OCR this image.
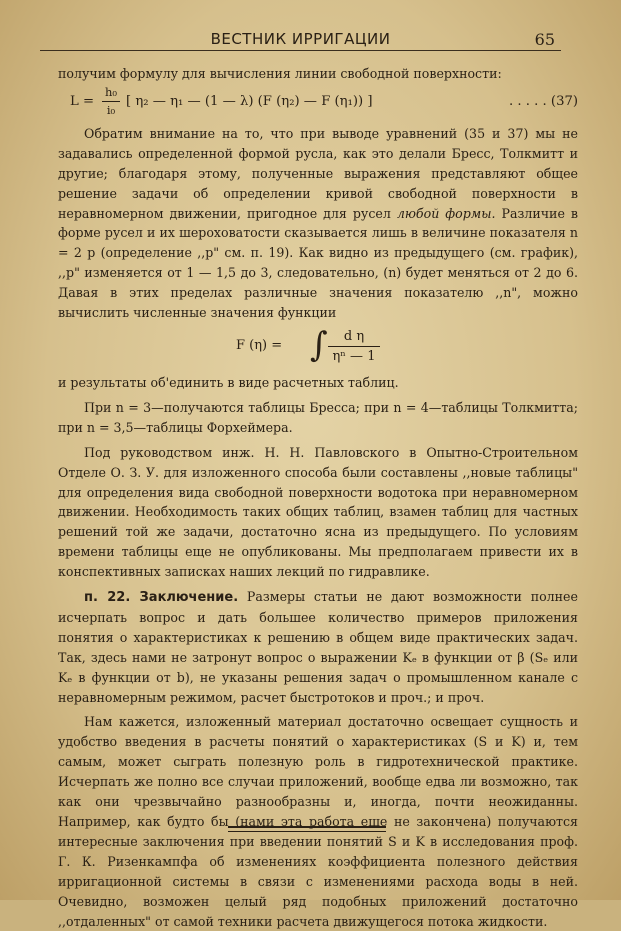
ВЕСТНИК ИРРИГАЦИИ	65

получим формулу для вычисления линии свободной поверхности:

$L = \frac{\text{h₀}}{\text{i₀}}$ [ η₂ — η₁ — (1 — λ) (F (η₂) — F (η₁)) ]	. . . . . (37)

Обратим внимание на то, что при выводе уравнений (35 и 37) мы не задавались определенной формой русла, как это делали Бресс, Толкмитт и другие; благодаря этому, полученные выражения представляют общее решение задачи об определении кривой свободной поверхности в неравномерном движении, пригодное для русел любой формы. Различие в форме русел и их шероховатости сказывается лишь в величине показателя n = 2 p (определение ,,p" см. п. 19). Как видно из предыдущего (см. график), ,,p" изменяется от 1 — 1,5 до 3, следовательно, (n) будет меняться от 2 до 6. Давая в этих пределах различные значения показателю ,,n", можно вычислить численные значения функции

F (η) = ∫ $\frac{\text{d η}}{\text{ηⁿ — 1}}$

и результаты об'единить в виде расчетных таблиц.

При n = 3—получаются таблицы Бресса; при n = 4—таблицы Толкмитта; при n = 3,5—таблицы Форхеймера.

Под руководством инж. Н. Н. Павловского в Опытно-Строительном Отделе О. З. У. для изложенного способа были составлены ,,новые таблицы" для определения вида свободной поверхности водотока при неравномерном движении. Необходимость таких общих таблиц, взамен таблиц для частных решений той же задачи, достаточно ясна из предыдущего. По условиям времени таблицы еще не опубликованы. Мы предполагаем привести их в конспективных записках наших лекций по гидравлике.

п. 22. Заключение. Размеры статьи не дают возможности полнее исчерпать вопрос и дать большее количество примеров приложения понятия о характеристиках к решению в общем виде практических задач. Так, здесь нами не затронут вопрос о выражении Kₑ в функции от β (Sₑ или Kₑ в функции от b), не указаны решения задач о промышленном канале с неравномерным режимом, расчет быстротоков и проч.; и проч.

Нам кажется, изложенный материал достаточно освещает сущность и удобство введения в расчеты понятий о характеристиках (S и K) и, тем самым, может сыграть полезную роль в гидротехнической практике. Исчерпать же полно все случаи приложений, вообще едва ли возможно, так как они чрезвычайно разнообразны и, иногда, почти неожиданны. Например, как будто бы (нами эта работа еще не закончена) получаются интересные заключения при введении понятий S и K в исследования проф. Г. К. Ризенкампфа об изменениях коэффициента полезного действия ирригационной системы в связи с изменениями расхода воды в ней. Очевидно, возможен целый ряд подобных приложений достаточно ,,отдаленных" от самой техники расчета движущегося потока жидкости.
